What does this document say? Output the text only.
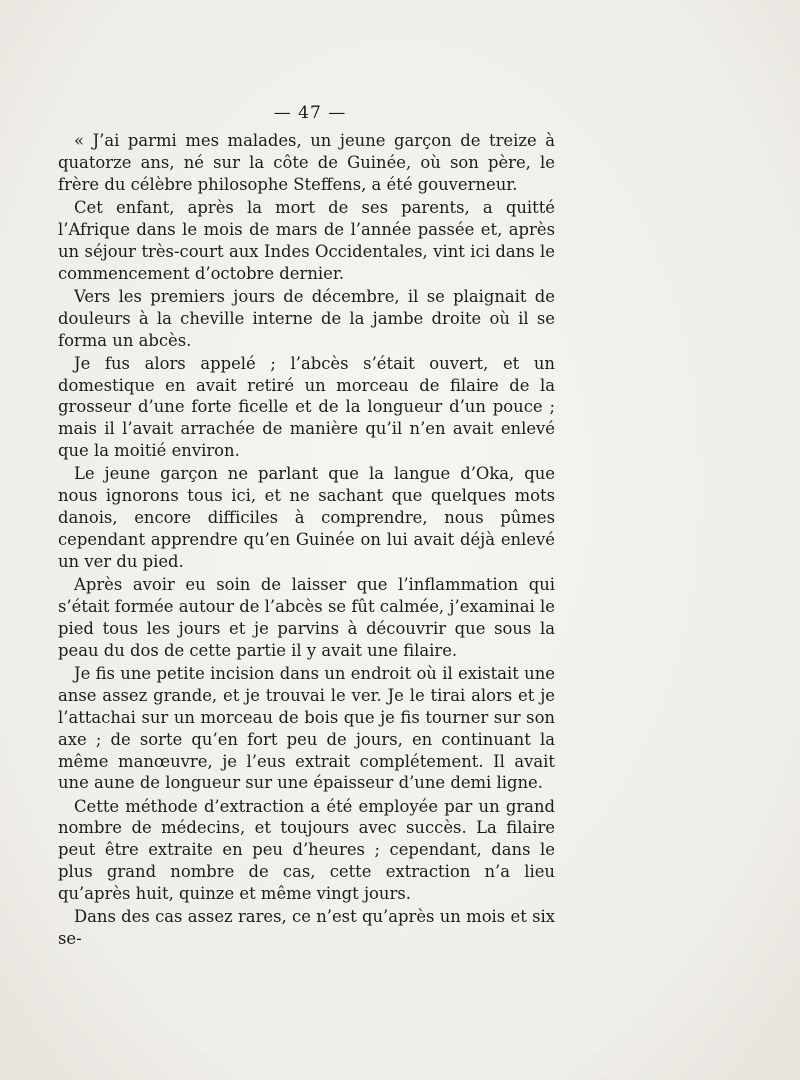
— 47 —

« J’ai parmi mes malades, un jeune garçon de treize à quatorze ans, né sur la côte de Guinée, où son père, le frère du célèbre philosophe Steffens, a été gouverneur.

Cet enfant, après la mort de ses parents, a quitté l’Afrique dans le mois de mars de l’année passée et, après un séjour très-court aux Indes Occidentales, vint ici dans le commencement d’octobre dernier.

Vers les premiers jours de décembre, il se plaignait de douleurs à la cheville interne de la jambe droite où il se forma un abcès.

Je fus alors appelé ; l’abcès s’était ouvert, et un domestique en avait retiré un morceau de filaire de la grosseur d’une forte ficelle et de la longueur d’un pouce ; mais il l’avait arrachée de manière qu’il n’en avait enlevé que la moitié environ.

Le jeune garçon ne parlant que la langue d’Oka, que nous ignorons tous ici, et ne sachant que quelques mots danois, encore difficiles à comprendre, nous pûmes cependant apprendre qu’en Guinée on lui avait déjà enlevé un ver du pied.

Après avoir eu soin de laisser que l’inflammation qui s’était formée autour de l’abcès se fût calmée, j’examinai le pied tous les jours et je parvins à découvrir que sous la peau du dos de cette partie il y avait une filaire.

Je fis une petite incision dans un endroit où il existait une anse assez grande, et je trouvai le ver. Je le tirai alors et je l’attachai sur un morceau de bois que je fis tourner sur son axe ; de sorte qu’en fort peu de jours, en continuant la même manœuvre, je l’eus extrait complétement. Il avait une aune de longueur sur une épaisseur d’une demi ligne.

Cette méthode d’extraction a été employée par un grand nombre de médecins, et toujours avec succès. La filaire peut être extraite en peu d’heures ; cependant, dans le plus grand nombre de cas, cette extraction n’a lieu qu’après huit, quinze et même vingt jours.

Dans des cas assez rares, ce n’est qu’après un mois et six se-
